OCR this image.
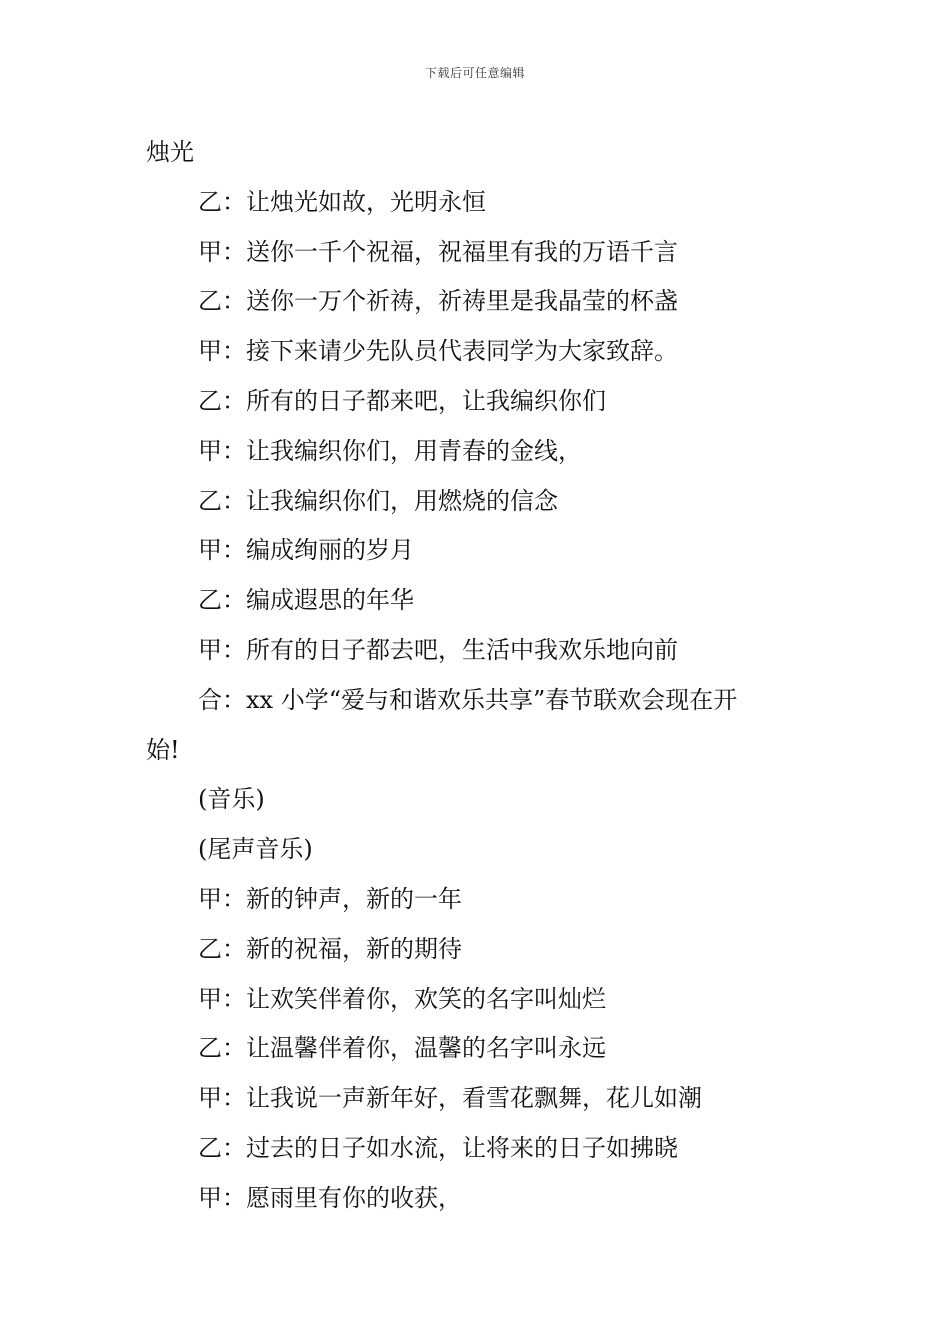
下载后可任意编辑
烛光
乙：让烛光如故，光明永恒
甲：送你一千个祝福，祝福里有我的万语千言
乙：送你一万个祈祷，祈祷里是我晶莹的杯盏
甲：接下来请少先队员代表同学为大家致辞。
乙：所有的日子都来吧，让我编织你们
甲：让我编织你们，用青春的金线，
乙：让我编织你们，用燃烧的信念
甲：编成绚丽的岁月
乙：编成遐思的年华
甲：所有的日子都去吧，生活中我欢乐地向前
合：xx 小学“爱与和谐欢乐共享”春节联欢会现在开
始!
(音乐)
(尾声音乐)
甲：新的钟声，新的一年
乙：新的祝福，新的期待
甲：让欢笑伴着你，欢笑的名字叫灿烂
乙：让温馨伴着你，温馨的名字叫永远
甲：让我说一声新年好，看雪花飘舞，花儿如潮
乙：过去的日子如水流，让将来的日子如拂晓
甲：愿雨里有你的收获，
